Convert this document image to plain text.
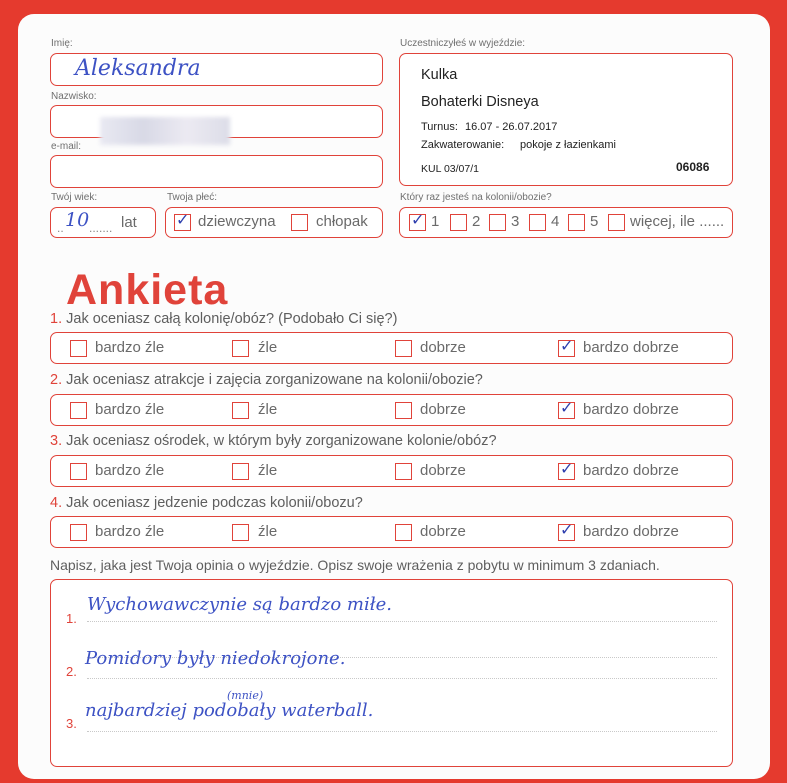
Imię:
Aleksandra
Nazwisko:
e-mail:
Twój wiek:
.. 10 ....... lat
Twoja płeć:
✓ dziewczyna	chłopak
Uczestniczyłeś w wyjeździe:
Kulka
Bohaterki Disneya
Turnus: 16.07 - 26.07.2017
Zakwaterowanie: pokoje z łazienkami
KUL 03/07/1	06086
Który raz jesteś na kolonii/obozie?
✓ 1 2 3 4 5 więcej, ile ......
Ankieta
1. Jak oceniasz całą kolonię/obóz? (Podobało Ci się?)
bardzo źle	źle	dobrze	✓ bardzo dobrze
2. Jak oceniasz atrakcje i zajęcia zorganizowane na kolonii/obozie?
bardzo źle	źle	dobrze	✓ bardzo dobrze
3. Jak oceniasz ośrodek, w którym były zorganizowane kolonie/obóz?
bardzo źle	źle	dobrze	✓ bardzo dobrze
4. Jak oceniasz jedzenie podczas kolonii/obozu?
bardzo źle	źle	dobrze	✓ bardzo dobrze
Napisz, jaka jest Twoja opinia o wyjeździe. Opisz swoje wrażenia z pobytu w minimum 3 zdaniach.
1.
Wychowawczynie są bardzo miłe.
2.
Pomidory były niedokrojone.
(mnie)
3.
najbardziej podobały waterball.
